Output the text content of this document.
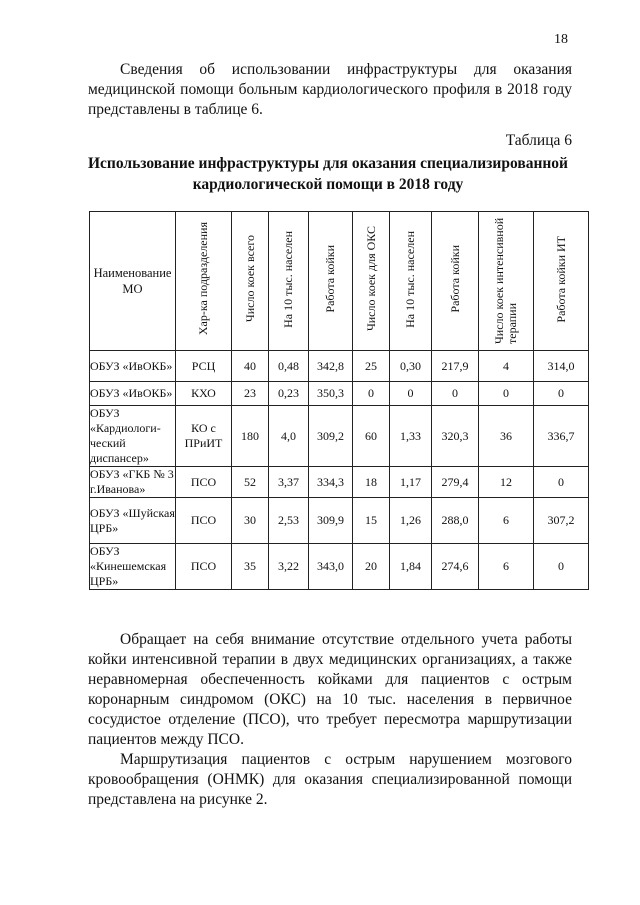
18

Сведения об использовании инфраструктуры для оказания медицинской помощи больным кардиологического профиля в 2018 году представлены в таблице 6.

Таблица 6
Использование инфраструктуры для оказания специализированной
кардиологической помощи в 2018 году
Наименование МО	Хар-ка подразделения	Число коек всего	На 10 тыс. населен	Работа койки	Число коек для ОКС	На 10 тыс. населен	Работа койки	Число коек интенсивной терапии	Работа койки ИТ
ОБУЗ «ИвОКБ»	РСЦ	40	0,48	342,8	25	0,30	217,9	4	314,0
ОБУЗ «ИвОКБ»	КХО	23	0,23	350,3	0	0	0	0	0
ОБУЗ «Кардиологи-ческий диспансер»	КО с ПРиИТ	180	4,0	309,2	60	1,33	320,3	36	336,7
ОБУЗ «ГКБ № 3 г.Иванова»	ПСО	52	3,37	334,3	18	1,17	279,4	12	0
ОБУЗ «Шуйская ЦРБ»	ПСО	30	2,53	309,9	15	1,26	288,0	6	307,2
ОБУЗ «Кинешемская ЦРБ»	ПСО	35	3,22	343,0	20	1,84	274,6	6	0

Обращает на себя внимание отсутствие отдельного учета работы койки интенсивной терапии в двух медицинских организациях, а также неравномерная обеспеченность койками для пациентов с острым коронарным синдромом (ОКС) на 10 тыс. населения в первичное сосудистое отделение (ПСО), что требует пересмотра маршрутизации пациентов между ПСО.

Маршрутизация пациентов с острым нарушением мозгового кровообращения (ОНМК) для оказания специализированной помощи представлена на рисунке 2.
